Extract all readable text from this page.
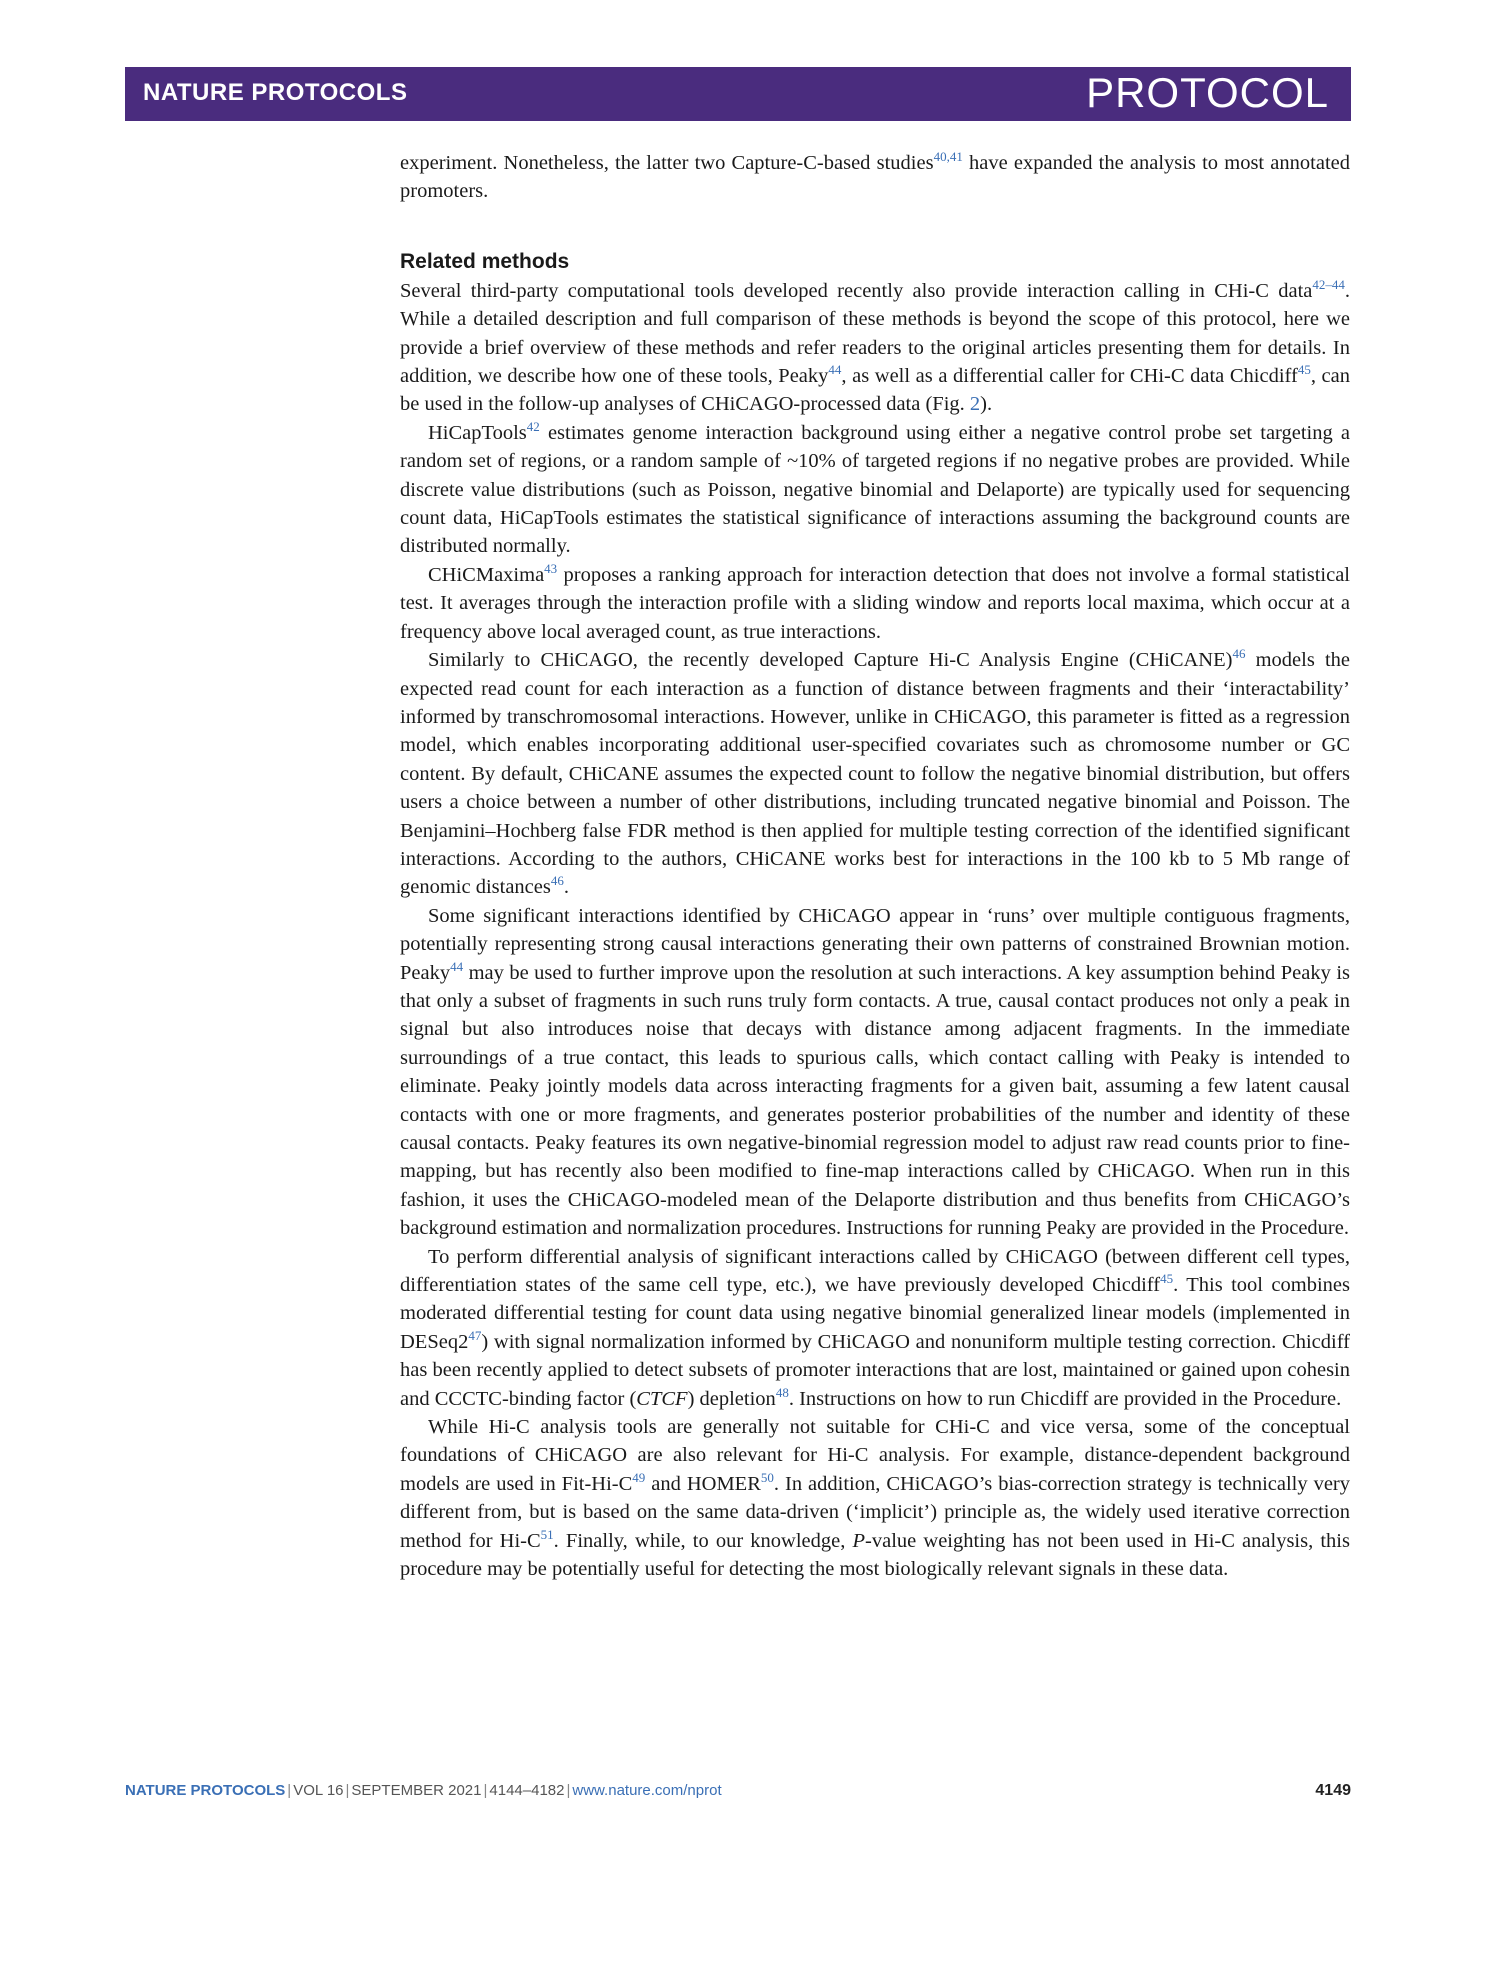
NATURE PROTOCOLS	PROTOCOL

experiment. Nonetheless, the latter two Capture-C-based studies$^{40,41}$ have expanded the analysis to most annotated promoters.

Related methods

Several third-party computational tools developed recently also provide interaction calling in CHi-C data$^{42-44}$. While a detailed description and full comparison of these methods is beyond the scope of this protocol, here we provide a brief overview of these methods and refer readers to the original articles presenting them for details. In addition, we describe how one of these tools, Peaky$^{44}$, as well as a differential caller for CHi-C data Chicdiff$^{45}$, can be used in the follow-up analyses of CHiCAGO-processed data (Fig. 2).

HiCapTools$^{42}$ estimates genome interaction background using either a negative control probe set targeting a random set of regions, or a random sample of ~10% of targeted regions if no negative probes are provided. While discrete value distributions (such as Poisson, negative binomial and Delaporte) are typically used for sequencing count data, HiCapTools estimates the statistical significance of interactions assuming the background counts are distributed normally.

CHiCMaxima$^{43}$ proposes a ranking approach for interaction detection that does not involve a formal statistical test. It averages through the interaction profile with a sliding window and reports local maxima, which occur at a frequency above local averaged count, as true interactions.

Similarly to CHiCAGO, the recently developed Capture Hi-C Analysis Engine (CHiCANE)$^{46}$ models the expected read count for each interaction as a function of distance between fragments and their ‘interactability’ informed by transchromosomal interactions. However, unlike in CHiCAGO, this parameter is fitted as a regression model, which enables incorporating additional user-specified covariates such as chromosome number or GC content. By default, CHiCANE assumes the expected count to follow the negative binomial distribution, but offers users a choice between a number of other distributions, including truncated negative binomial and Poisson. The Benjamini–Hochberg false FDR method is then applied for multiple testing correction of the identified significant interactions. According to the authors, CHiCANE works best for interactions in the 100 kb to 5 Mb range of genomic distances$^{46}$.

Some significant interactions identified by CHiCAGO appear in ‘runs’ over multiple contiguous fragments, potentially representing strong causal interactions generating their own patterns of constrained Brownian motion. Peaky$^{44}$ may be used to further improve upon the resolution at such interactions. A key assumption behind Peaky is that only a subset of fragments in such runs truly form contacts. A true, causal contact produces not only a peak in signal but also introduces noise that decays with distance among adjacent fragments. In the immediate surroundings of a true contact, this leads to spurious calls, which contact calling with Peaky is intended to eliminate. Peaky jointly models data across interacting fragments for a given bait, assuming a few latent causal contacts with one or more fragments, and generates posterior probabilities of the number and identity of these causal contacts. Peaky features its own negative-binomial regression model to adjust raw read counts prior to fine-mapping, but has recently also been modified to fine-map interactions called by CHiCAGO. When run in this fashion, it uses the CHiCAGO-modeled mean of the Delaporte distribution and thus benefits from CHiCAGO’s background estimation and normalization procedures. Instructions for running Peaky are provided in the Procedure.

To perform differential analysis of significant interactions called by CHiCAGO (between different cell types, differentiation states of the same cell type, etc.), we have previously developed Chicdiff$^{45}$. This tool combines moderated differential testing for count data using negative binomial generalized linear models (implemented in DESeq2$^{47}$) with signal normalization informed by CHiCAGO and nonuniform multiple testing correction. Chicdiff has been recently applied to detect subsets of promoter interactions that are lost, maintained or gained upon cohesin and CCCTC-binding factor (CTCF) depletion$^{48}$. Instructions on how to run Chicdiff are provided in the Procedure.

While Hi-C analysis tools are generally not suitable for CHi-C and vice versa, some of the conceptual foundations of CHiCAGO are also relevant for Hi-C analysis. For example, distance-dependent background models are used in Fit-Hi-C$^{49}$ and HOMER$^{50}$. In addition, CHiCAGO’s bias-correction strategy is technically very different from, but is based on the same data-driven (‘implicit’) principle as, the widely used iterative correction method for Hi-C$^{51}$. Finally, while, to our knowledge, P-value weighting has not been used in Hi-C analysis, this procedure may be potentially useful for detecting the most biologically relevant signals in these data.

NATURE PROTOCOLS | VOL 16 | SEPTEMBER 2021 | 4144–4182 | www.nature.com/nprot	4149
